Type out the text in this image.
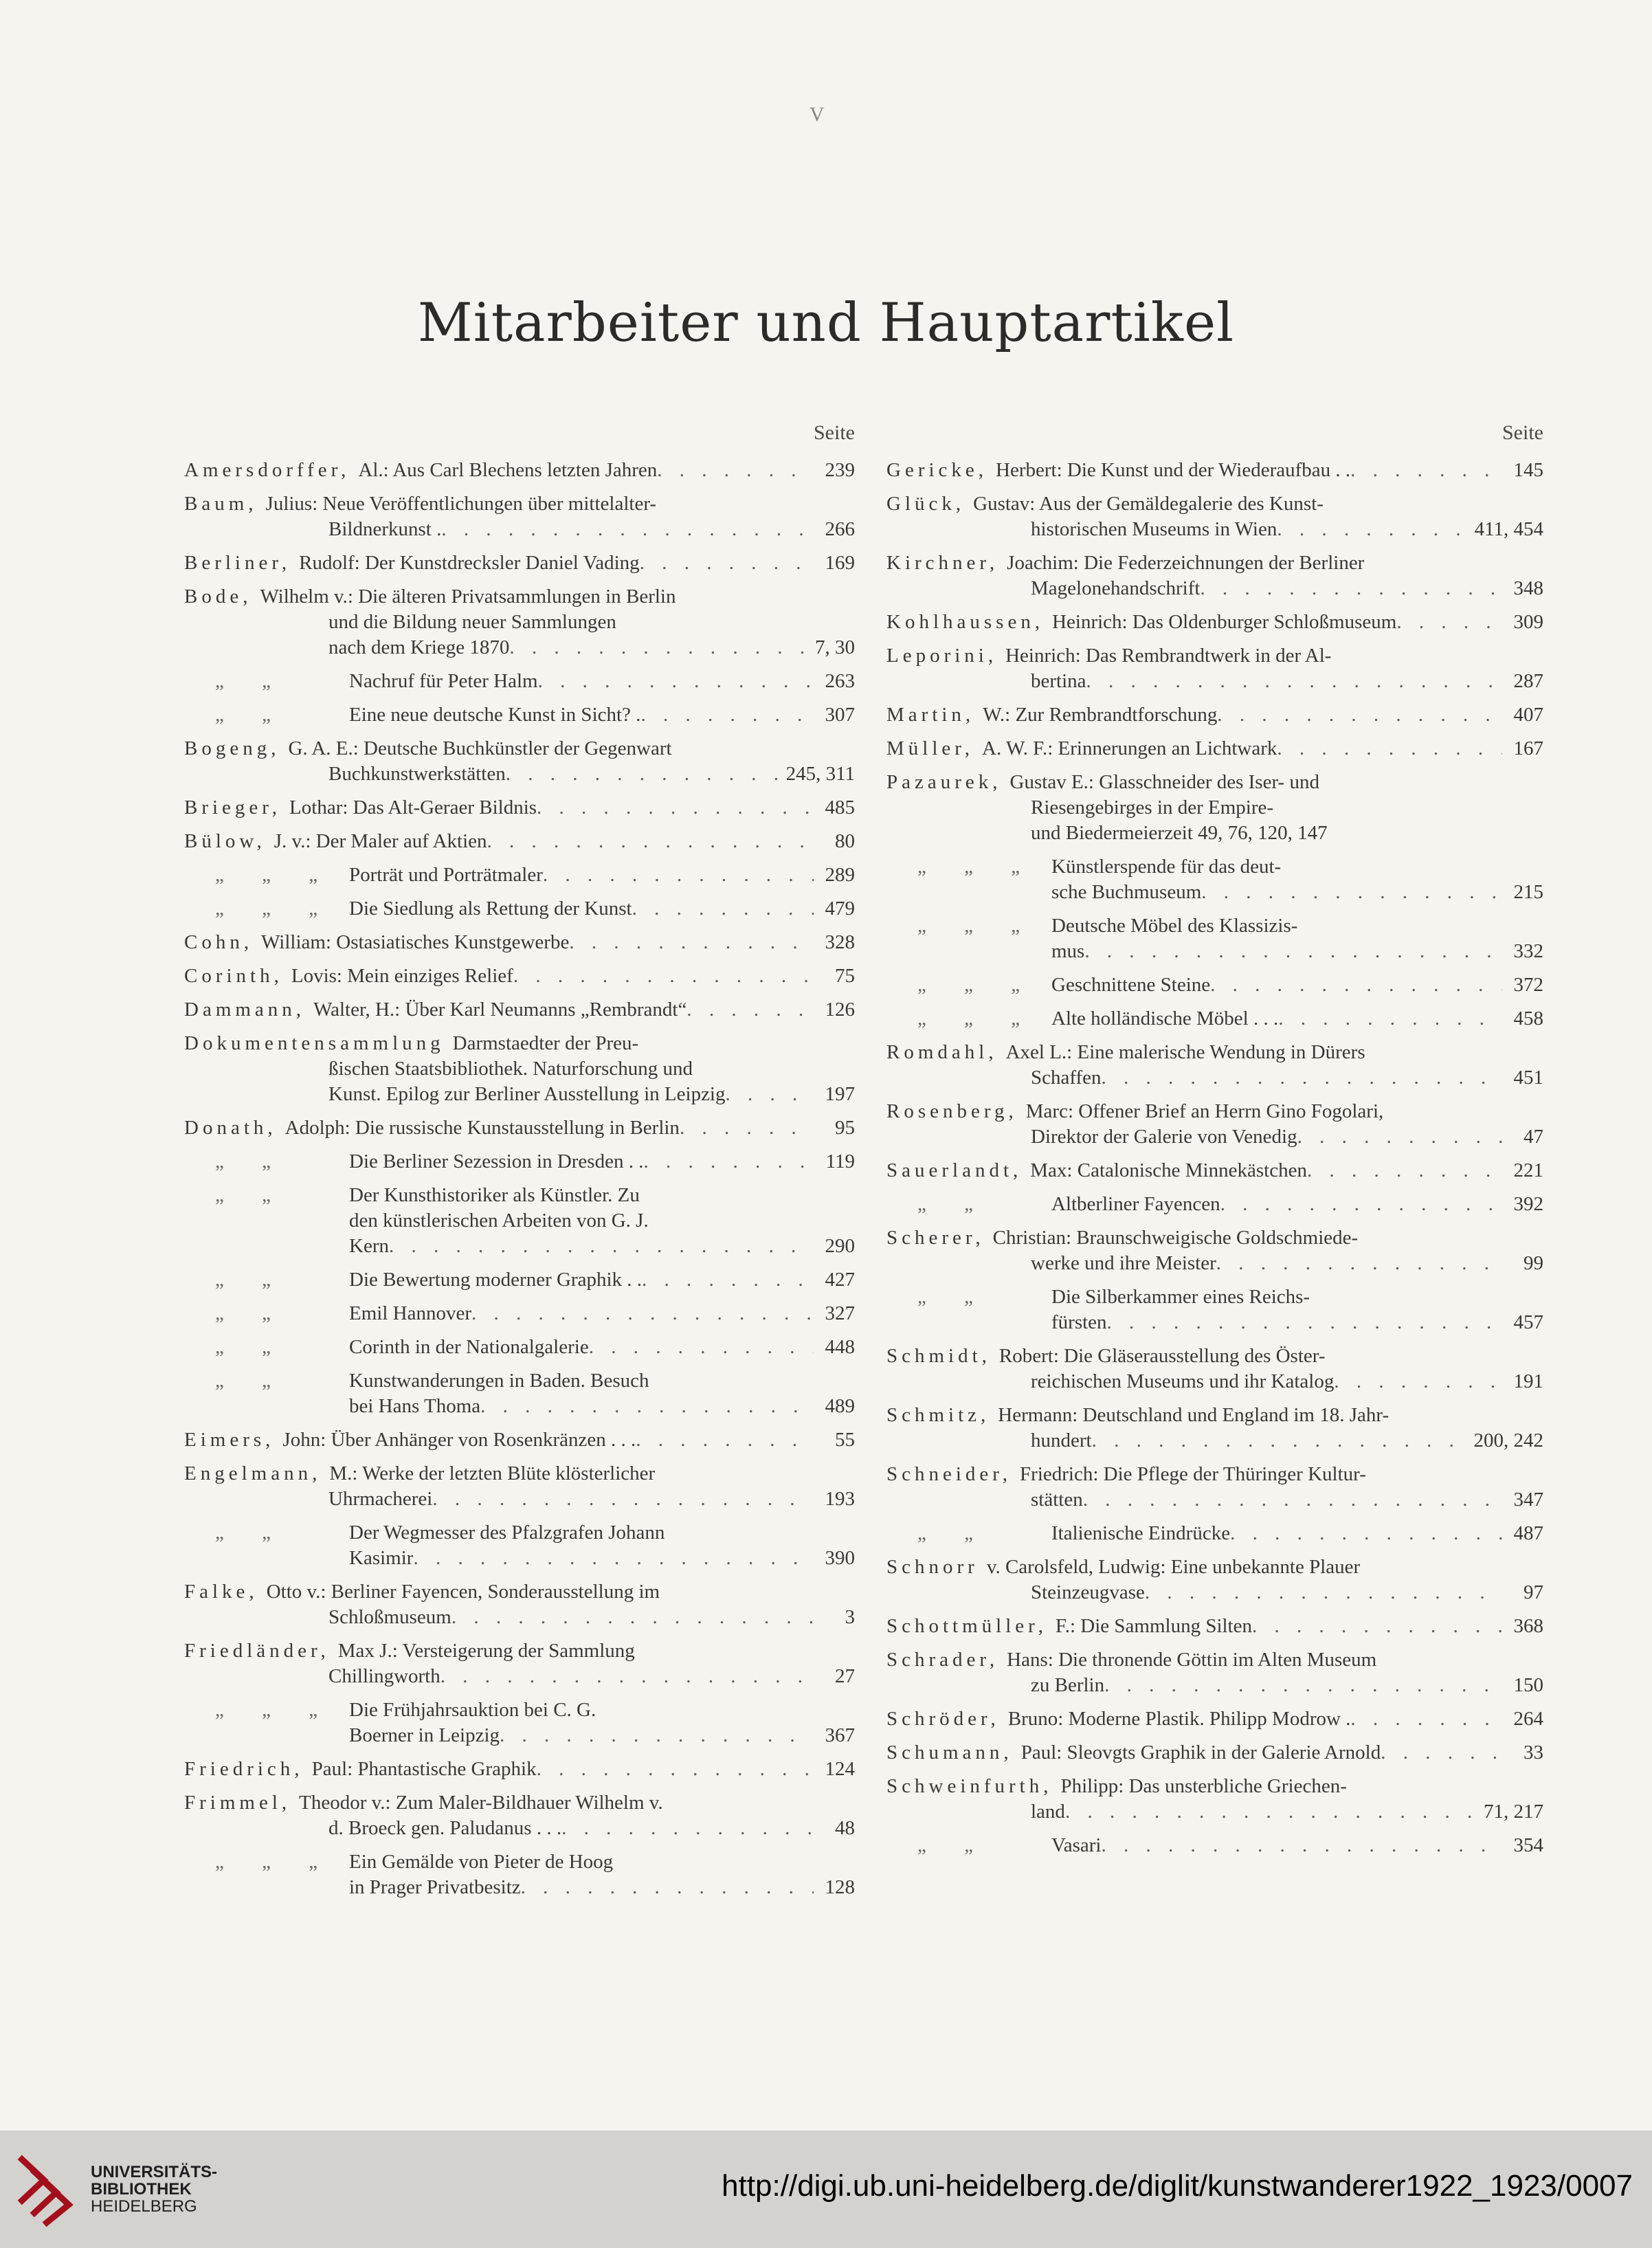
V
Mitarbeiter und Hauptartikel
Seite
Amersdorffer, Al.: Aus Carl Blechens letzten Jahren . . .	239
Baum, Julius: Neue Veröffentlichungen über mittelalter-
Bildnerkunst . . . .	266
Berliner, Rudolf: Der Kunstdrecksler Daniel Vading . . .	169
Bode, Wilhelm v.: Die älteren Privatsammlungen in Berlin
und die Bildung neuer Sammlungen
nach dem Kriege 1870 . . .	7, 30
„ „	Nachruf für Peter Halm . . .	263
„ „	Eine neue deutsche Kunst in Sicht? . . . .	307
Bogeng, G. A. E.: Deutsche Buchkünstler der Gegenwart
Buchkunstwerkstätten . . .	245, 311
Brieger, Lothar: Das Alt-Geraer Bildnis . . .	485
Bülow, J. v.: Der Maler auf Aktien . . .	80
„ „ „ Porträt und Porträtmaler . . .	289
„ „ „ Die Siedlung als Rettung der Kunst . . .	479
Cohn, William: Ostasiatisches Kunstgewerbe . . .	328
Corinth, Lovis: Mein einziges Relief . . .	75
Dammann, Walter, H.: Über Karl Neumanns „Rembrandt“ . . .	126
Dokumentensammlung Darmstaedter der Preu-
ßischen Staatsbibliothek. Naturforschung und
Kunst. Epilog zur Berliner Ausstellung in Leipzig . . .	197
Donath, Adolph: Die russische Kunstausstellung in Berlin . . .	95
„ „	Die Berliner Sezession in Dresden . . . . .	119
„ „	Der Kunsthistoriker als Künstler. Zu
den künstlerischen Arbeiten von G. J.
Kern . . .	290
„ „	Die Bewertung moderner Graphik . . . . .	427
„ „	Emil Hannover . . .	327
„ „	Corinth in der Nationalgalerie . . .	448
„ „	Kunstwanderungen in Baden. Besuch
bei Hans Thoma . . .	489
Eimers, John: Über Anhänger von Rosenkränzen . . . . . .	55
Engelmann, M.: Werke der letzten Blüte klösterlicher
Uhrmacherei . . .	193
„ „	Der Wegmesser des Pfalzgrafen Johann
Kasimir . . .	390
Falke, Otto v.: Berliner Fayencen, Sonderausstellung im
Schloßmuseum . . .	3
Friedländer, Max J.: Versteigerung der Sammlung
Chillingworth . . .	27
„ „ „ Die Frühjahrsauktion bei C. G.
Boerner in Leipzig . . .	367
Friedrich, Paul: Phantastische Graphik . . .	124
Frimmel, Theodor v.: Zum Maler-Bildhauer Wilhelm v.
d. Broeck gen. Paludanus . . . . . .	48
„ „ „ Ein Gemälde von Pieter de Hoog
in Prager Privatbesitz . . .	128
Seite
Gericke, Herbert: Die Kunst und der Wiederaufbau . . . . .	145
Glück, Gustav: Aus der Gemäldegalerie des Kunst-
historischen Museums in Wien . . .	411, 454
Kirchner, Joachim: Die Federzeichnungen der Berliner
Magelonehandschrift . . .	348
Kohlhaussen, Heinrich: Das Oldenburger Schloßmuseum . . .	309
Leporini, Heinrich: Das Rembrandtwerk in der Al-
bertina . . .	287
Martin, W.: Zur Rembrandtforschung . . .	407
Müller, A. W. F.: Erinnerungen an Lichtwark . . .	167
Pazaurek, Gustav E.: Glasschneider des Iser- und
Riesengebirges in der Empire-
und Biedermeierzeit 49, 76, 120, 147
„ „ „ Künstlerspende für das deut-
sche Buchmuseum . . .	215
„ „ „ Deutsche Möbel des Klassizis-
mus . . .	332
„ „ „ Geschnittene Steine . . .	372
„ „ „ Alte holländische Möbel . . . . . .	458
Romdahl, Axel L.: Eine malerische Wendung in Dürers
Schaffen . . .	451
Rosenberg, Marc: Offener Brief an Herrn Gino Fogolari,
Direktor der Galerie von Venedig . . .	47
Sauerlandt, Max: Catalonische Minnekästchen . . .	221
„ „	Altberliner Fayencen . . .	392
Scherer, Christian: Braunschweigische Goldschmiede-
werke und ihre Meister . . .	99
„ „	Die Silberkammer eines Reichs-
fürsten . . .	457
Schmidt, Robert: Die Gläserausstellung des Öster-
reichischen Museums und ihr Katalog . . .	191
Schmitz, Hermann: Deutschland und England im 18. Jahr-
hundert . . .	200, 242
Schneider, Friedrich: Die Pflege der Thüringer Kultur-
stätten . . .	347
„ „	Italienische Eindrücke . . .	487
Schnorr v. Carolsfeld, Ludwig: Eine unbekannte Plauer
Steinzeugvase . . .	97
Schottmüller, F.: Die Sammlung Silten . . .	368
Schrader, Hans: Die thronende Göttin im Alten Museum
zu Berlin . . .	150
Schröder, Bruno: Moderne Plastik. Philipp Modrow . . . .	264
Schumann, Paul: Sleovgts Graphik in der Galerie Arnold . . .	33
Schweinfurth, Philipp: Das unsterbliche Griechen-
land . . .	71, 217
„ „	Vasari . . .	354
UNIVERSITÄTS-
BIBLIOTHEK
HEIDELBERG
http://digi.ub.uni-heidelberg.de/diglit/kunstwanderer1922_1923/0007
